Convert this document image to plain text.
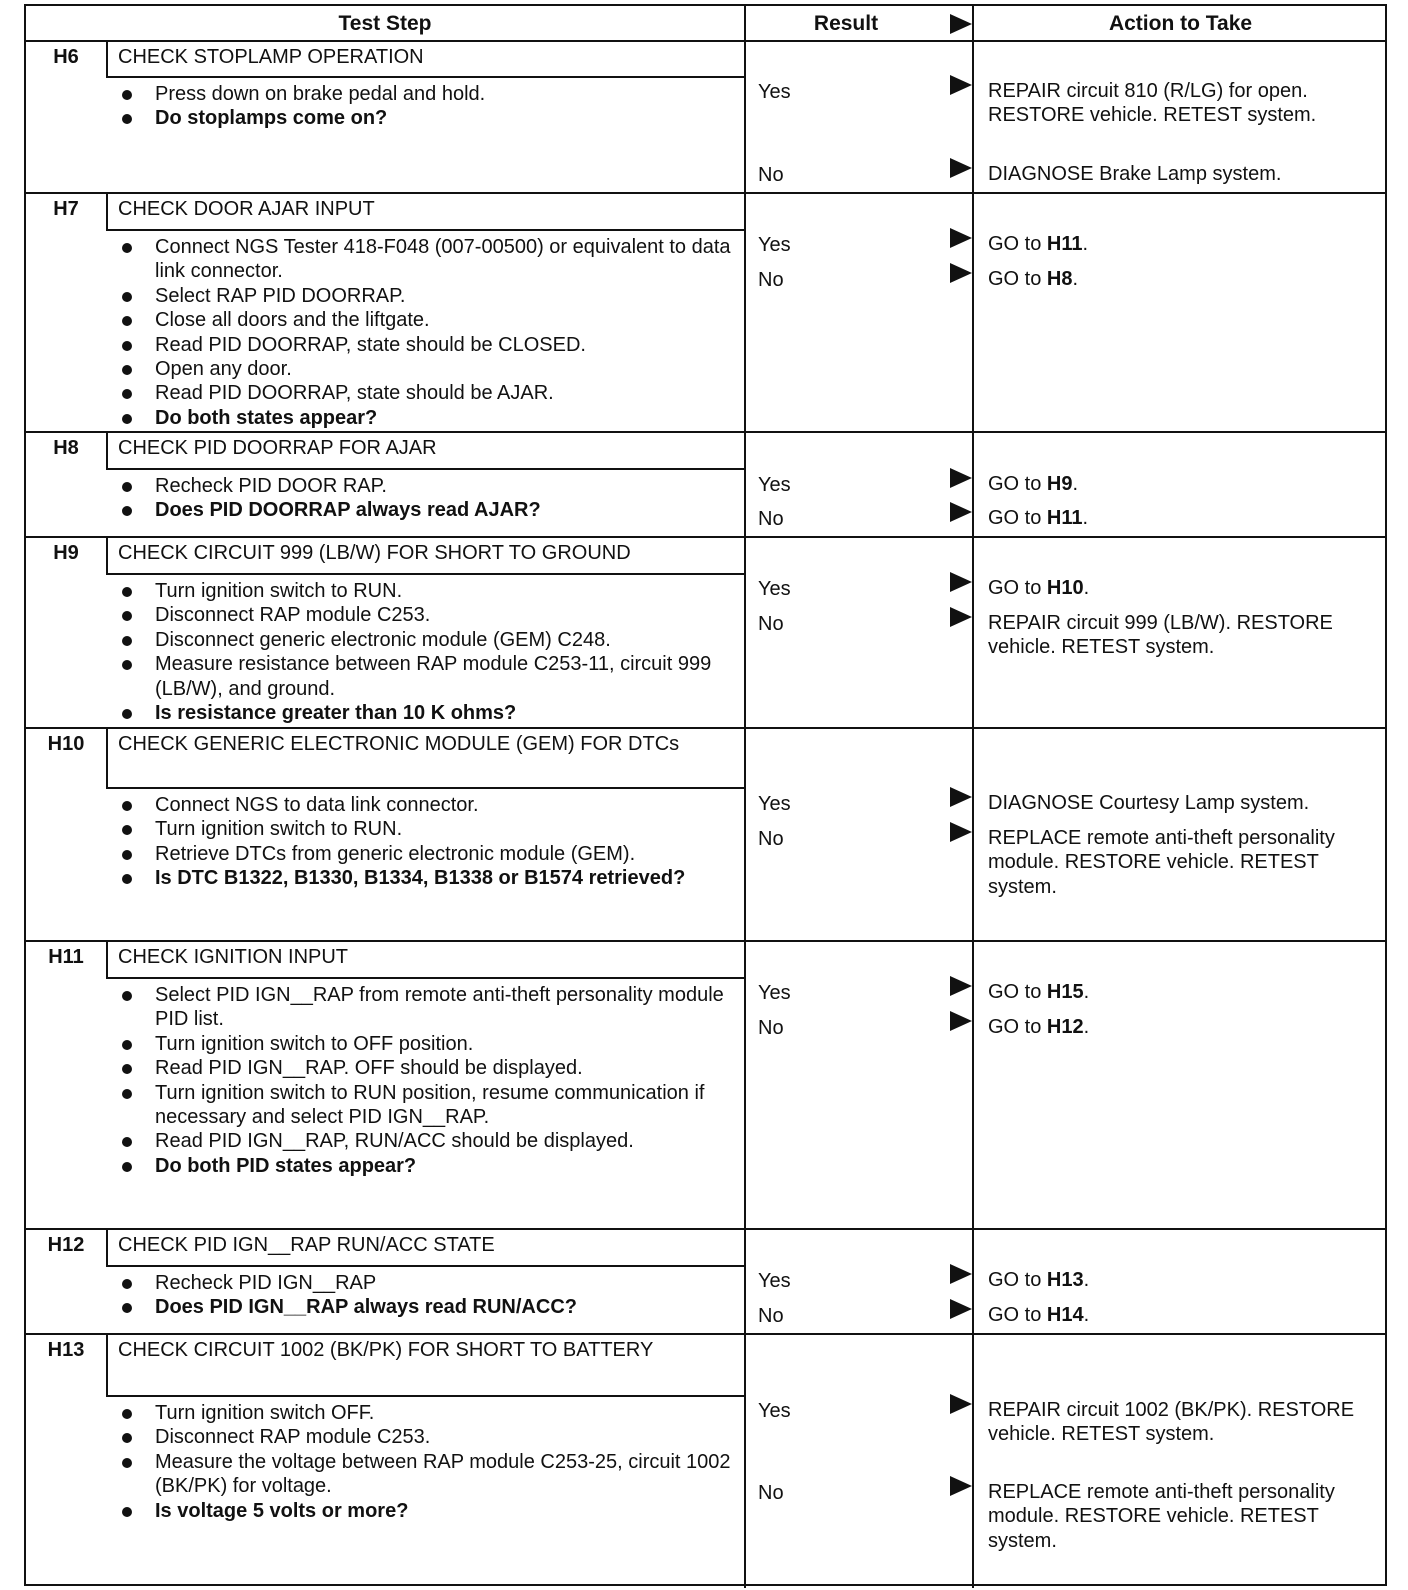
Test Step	Result	Action to Take
H6	CHECK STOPLAMP OPERATION
Press down on brake pedal and hold.
Do stoplamps come on?
Yes	REPAIR circuit 810 (R/LG) for open. RESTORE vehicle. RETEST system.
No	DIAGNOSE Brake Lamp system.
H7	CHECK DOOR AJAR INPUT
Connect NGS Tester 418-F048 (007-00500) or equivalent to data link connector.
Select RAP PID DOORRAP.
Close all doors and the liftgate.
Read PID DOORRAP, state should be CLOSED.
Open any door.
Read PID DOORRAP, state should be AJAR.
Do both states appear?
Yes	GO to H11.
No	GO to H8.
H8	CHECK PID DOORRAP FOR AJAR
Recheck PID DOOR RAP.
Does PID DOORRAP always read AJAR?
Yes	GO to H9.
No	GO to H11.
H9	CHECK CIRCUIT 999 (LB/W) FOR SHORT TO GROUND
Turn ignition switch to RUN.
Disconnect RAP module C253.
Disconnect generic electronic module (GEM) C248.
Measure resistance between RAP module C253-11, circuit 999 (LB/W), and ground.
Is resistance greater than 10 K ohms?
Yes	GO to H10.
No	REPAIR circuit 999 (LB/W). RESTORE vehicle. RETEST system.
H10	CHECK GENERIC ELECTRONIC MODULE (GEM) FOR DTCs
Connect NGS to data link connector.
Turn ignition switch to RUN.
Retrieve DTCs from generic electronic module (GEM).
Is DTC B1322, B1330, B1334, B1338 or B1574 retrieved?
Yes	DIAGNOSE Courtesy Lamp system.
No	REPLACE remote anti-theft personality module. RESTORE vehicle. RETEST system.
H11	CHECK IGNITION INPUT
Select PID IGN__RAP from remote anti-theft personality module PID list.
Turn ignition switch to OFF position.
Read PID IGN__RAP. OFF should be displayed.
Turn ignition switch to RUN position, resume communication if necessary and select PID IGN__RAP.
Read PID IGN__RAP, RUN/ACC should be displayed.
Do both PID states appear?
Yes	GO to H15.
No	GO to H12.
H12	CHECK PID IGN__RAP RUN/ACC STATE
Recheck PID IGN__RAP
Does PID IGN__RAP always read RUN/ACC?
Yes	GO to H13.
No	GO to H14.
H13	CHECK CIRCUIT 1002 (BK/PK) FOR SHORT TO BATTERY
Turn ignition switch OFF.
Disconnect RAP module C253.
Measure the voltage between RAP module C253-25, circuit 1002 (BK/PK) for voltage.
Is voltage 5 volts or more?
Yes	REPAIR circuit 1002 (BK/PK). RESTORE vehicle. RETEST system.
No	REPLACE remote anti-theft personality module. RESTORE vehicle. RETEST system.
